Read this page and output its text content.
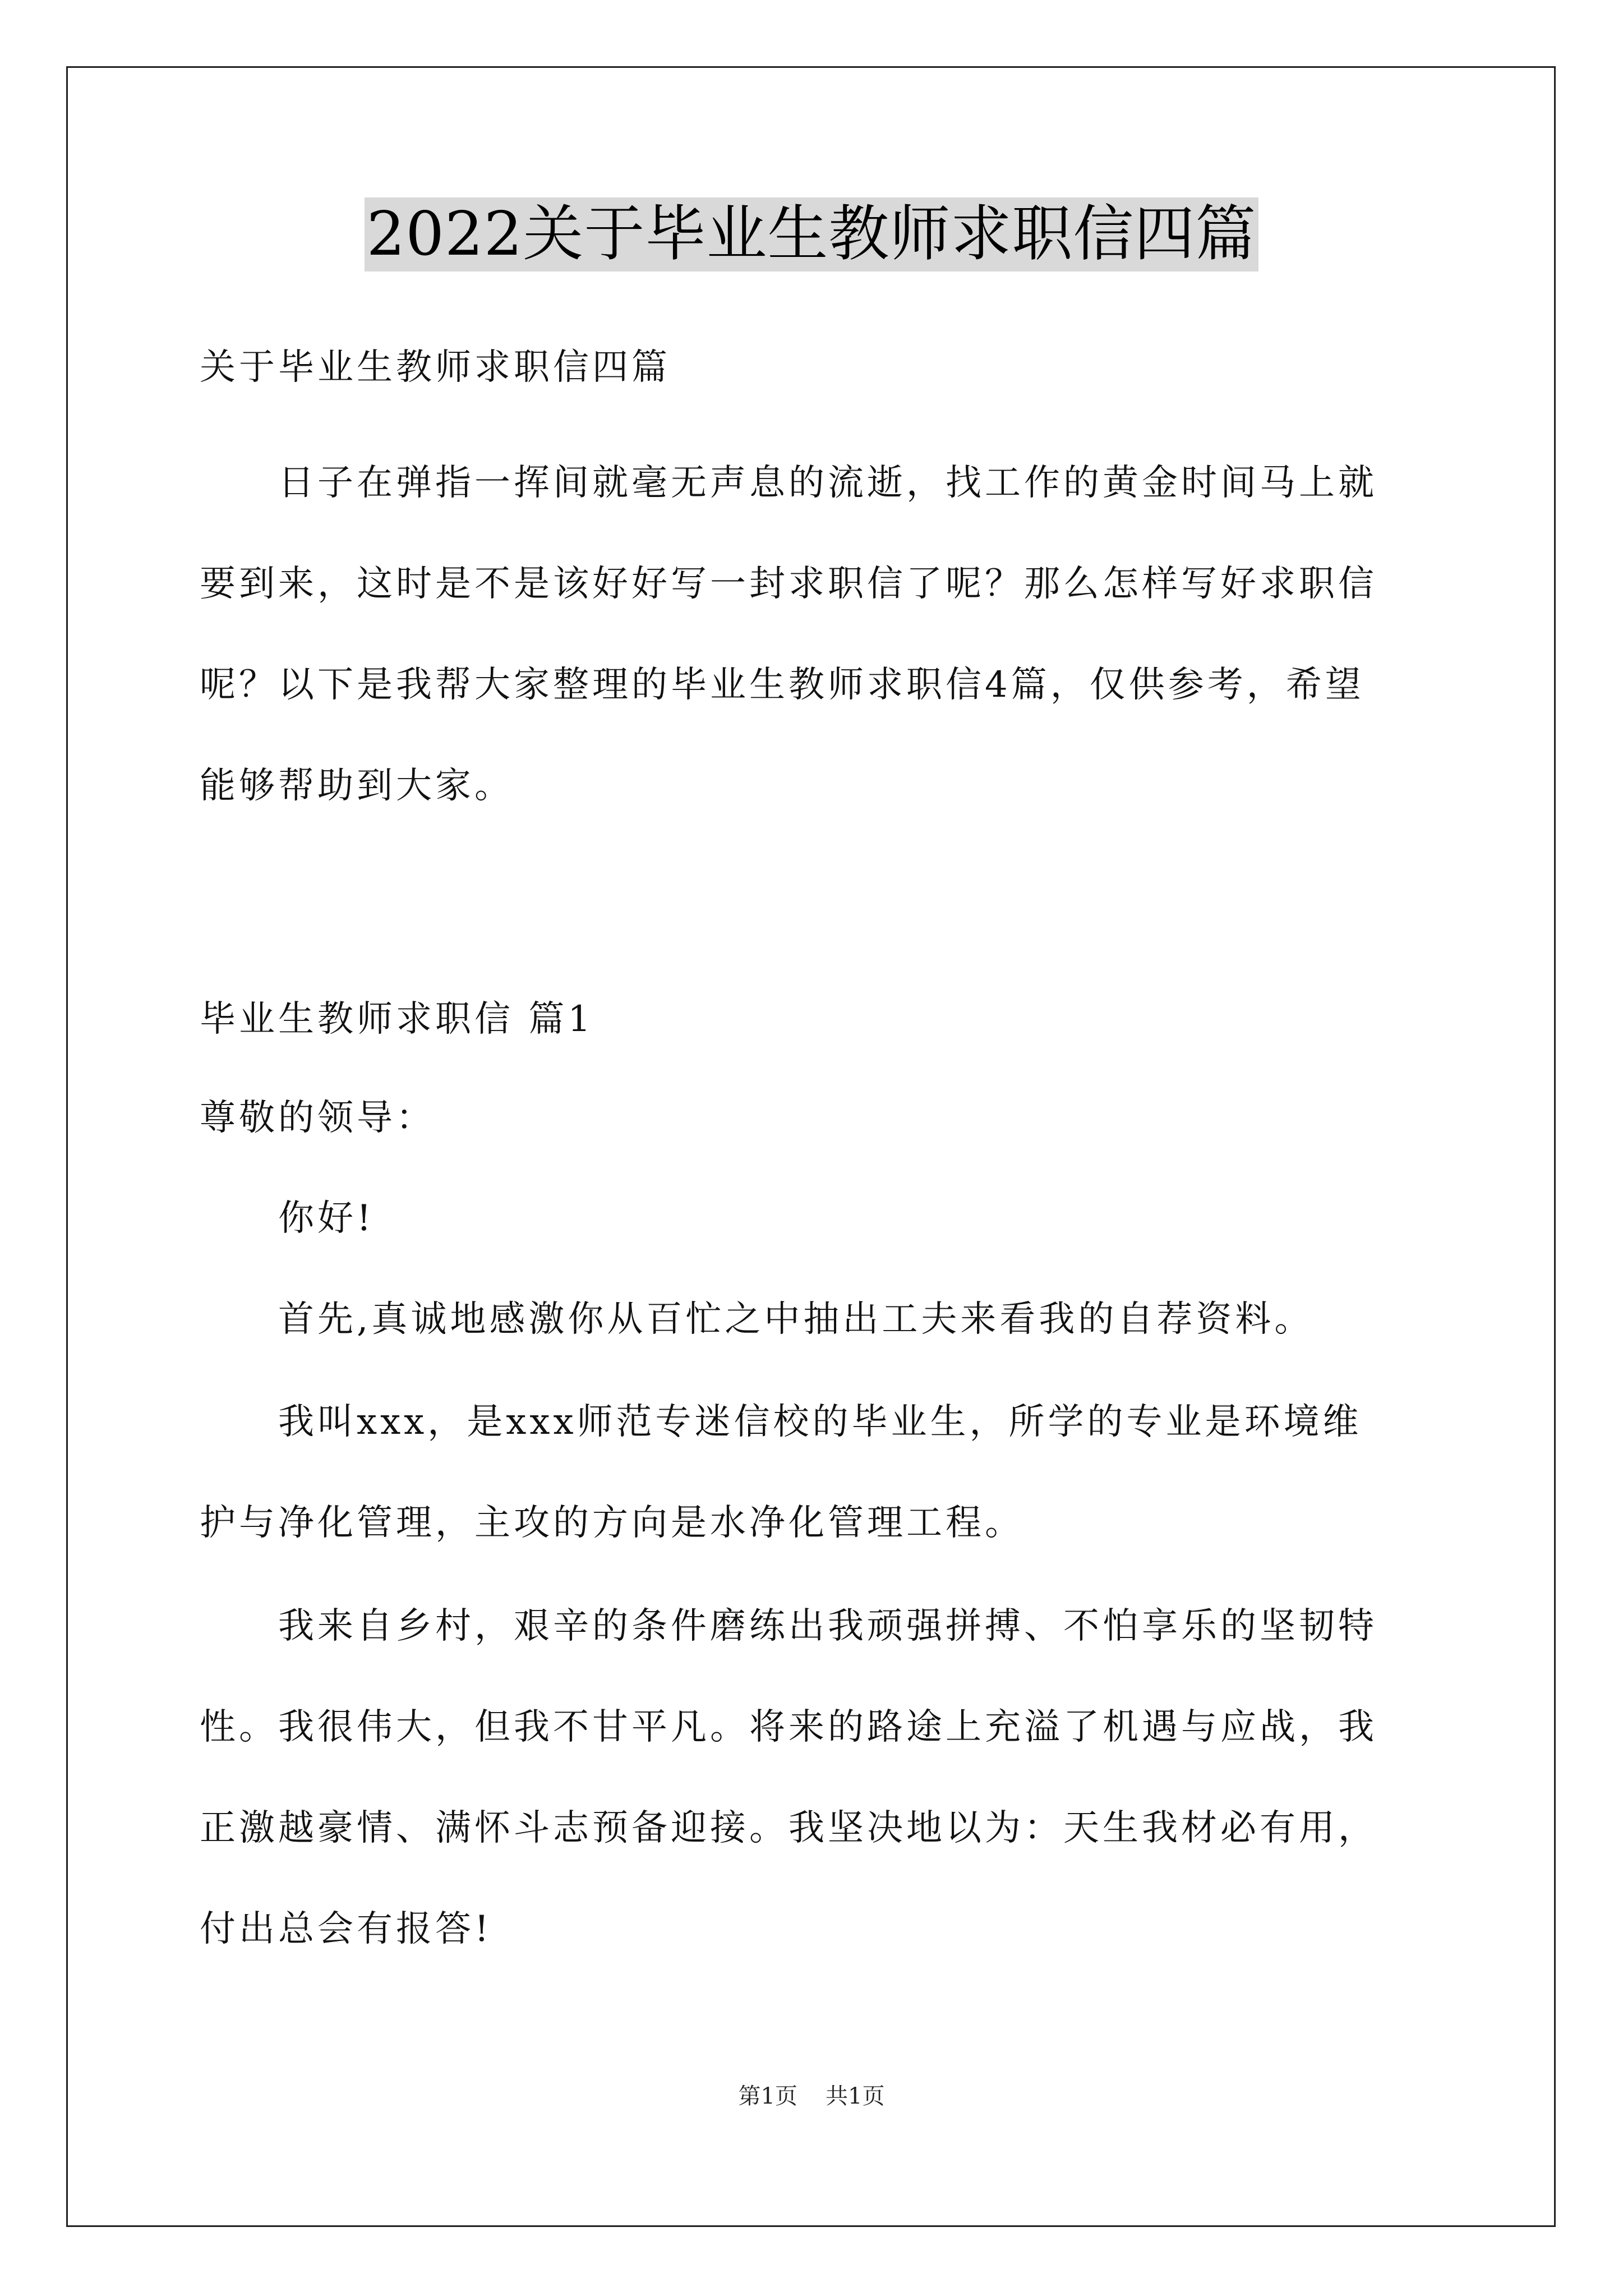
2022关于毕业生教师求职信四篇
关于毕业生教师求职信四篇
日子在弹指一挥间就毫无声息的流逝，找工作的黄金时间马上就
要到来，这时是不是该好好写一封求职信了呢？那么怎样写好求职信
呢？以下是我帮大家整理的毕业生教师求职信4篇，仅供参考，希望
能够帮助到大家。
毕业生教师求职信 篇1
尊敬的领导：
你好!
首先,真诚地感激你从百忙之中抽出工夫来看我的自荐资料。
我叫xxx，是xxx师范专迷信校的毕业生，所学的专业是环境维
护与净化管理，主攻的方向是水净化管理工程。
我来自乡村，艰辛的条件磨练出我顽强拼搏、不怕享乐的坚韧特
性。我很伟大，但我不甘平凡。将来的路途上充溢了机遇与应战，我
正激越豪情、满怀斗志预备迎接。我坚决地以为：天生我材必有用，
付出总会有报答!
第1页 共1页
